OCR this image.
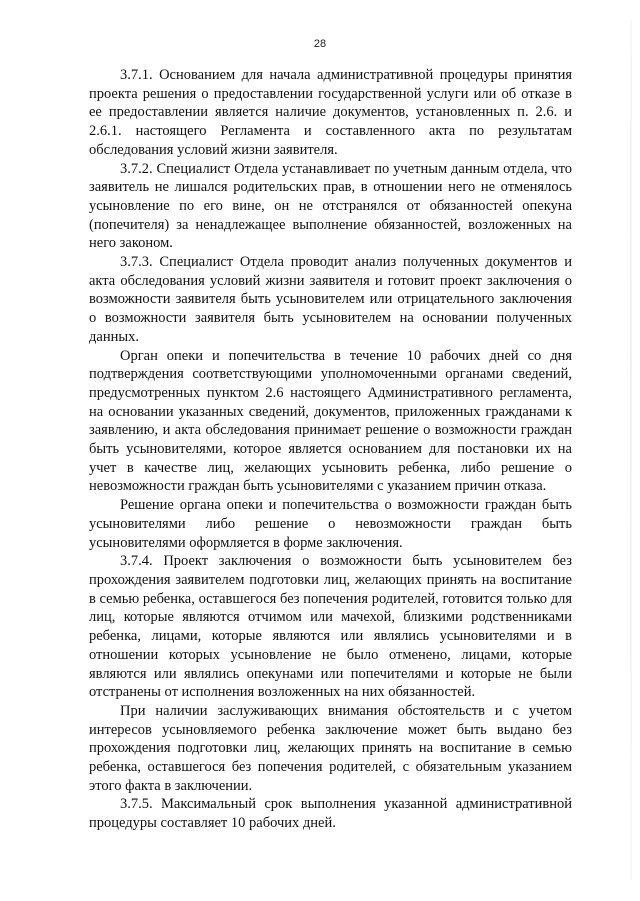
28

3.7.1. Основанием для начала административной процедуры принятия проекта решения о предоставлении государственной услуги или об отказе в ее предоставлении является наличие документов, установленных п. 2.6. и 2.6.1. настоящего Регламента и составленного акта по результатам обследования условий жизни заявителя.

3.7.2. Специалист Отдела устанавливает по учетным данным отдела, что заявитель не лишался родительских прав, в отношении него не отменялось усыновление по его вине, он не отстранялся от обязанностей опекуна (попечителя) за ненадлежащее выполнение обязанностей, возложенных на него законом.

3.7.3. Специалист Отдела проводит анализ полученных документов и акта обследования условий жизни заявителя и готовит проект заключения о возможности заявителя быть усыновителем или отрицательного заключения о возможности заявителя быть усыновителем на основании полученных данных.

Орган опеки и попечительства в течение 10 рабочих дней со дня подтверждения соответствующими уполномоченными органами сведений, предусмотренных пунктом 2.6 настоящего Административного регламента, на основании указанных сведений, документов, приложенных гражданами к заявлению, и акта обследования принимает решение о возможности граждан быть усыновителями, которое является основанием для постановки их на учет в качестве лиц, желающих усыновить ребенка, либо решение о невозможности граждан быть усыновителями с указанием причин отказа.

Решение органа опеки и попечительства о возможности граждан быть усыновителями либо решение о невозможности граждан быть усыновителями оформляется в форме заключения.

3.7.4. Проект заключения о возможности быть усыновителем без прохождения заявителем подготовки лиц, желающих принять на воспитание в семью ребенка, оставшегося без попечения родителей, готовится только для лиц, которые являются отчимом или мачехой, близкими родственниками ребенка, лицами, которые являются или являлись усыновителями и в отношении которых усыновление не было отменено, лицами, которые являются или являлись опекунами или попечителями и которые не были отстранены от исполнения возложенных на них обязанностей.

При наличии заслуживающих внимания обстоятельств и с учетом интересов усыновляемого ребенка заключение может быть выдано без прохождения подготовки лиц, желающих принять на воспитание в семью ребенка, оставшегося без попечения родителей, с обязательным указанием этого факта в заключении.

3.7.5. Максимальный срок выполнения указанной административной процедуры составляет 10 рабочих дней.
